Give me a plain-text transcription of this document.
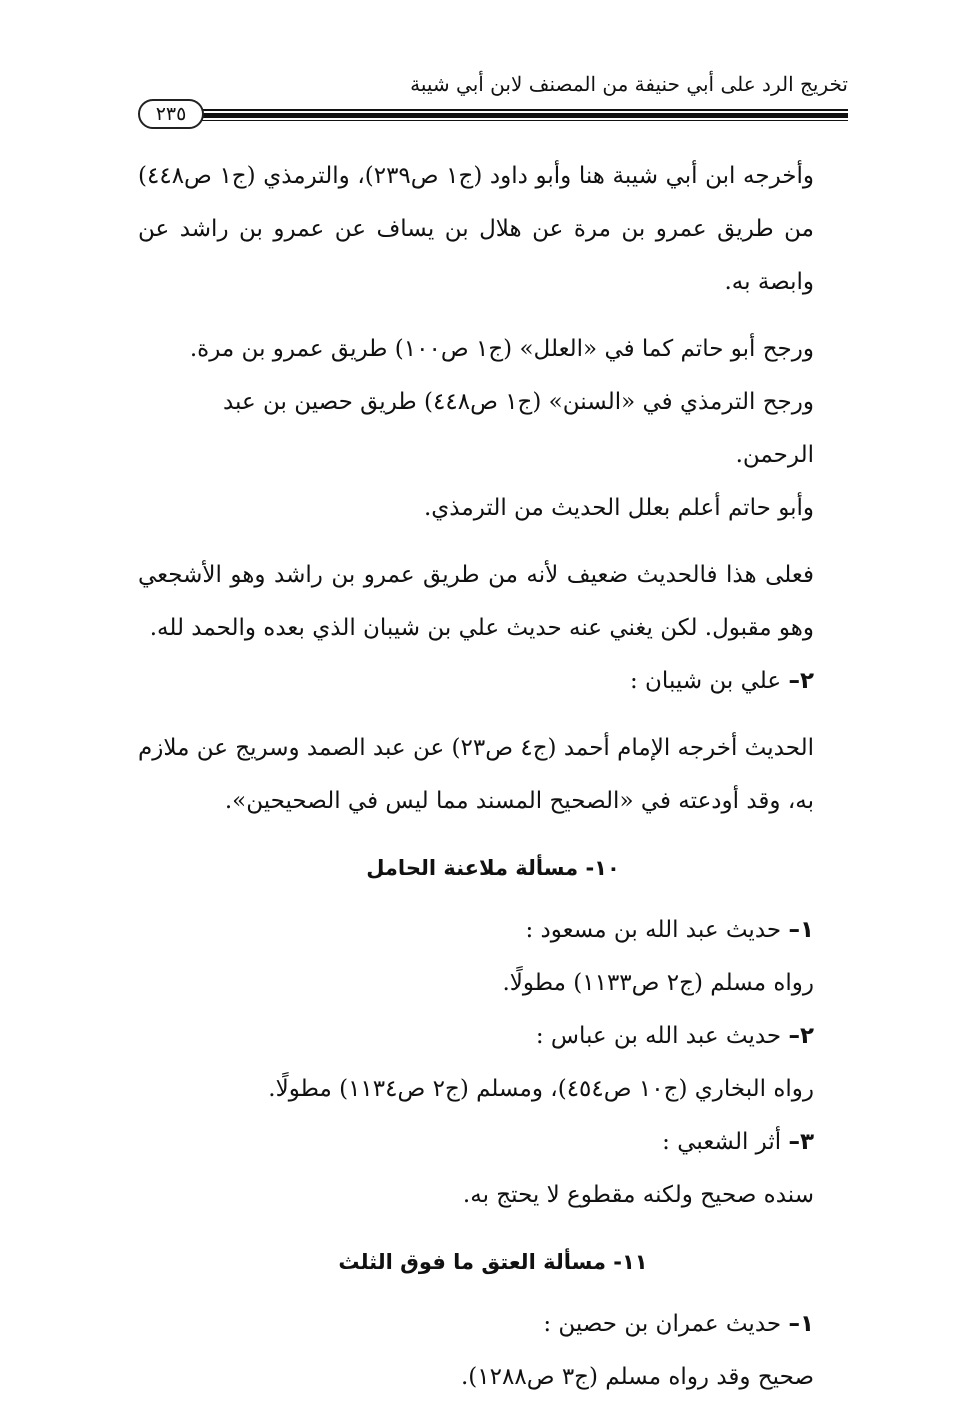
تخريج الرد على أبي حنيفة من المصنف لابن أبي شيبة
٢٣٥

وأخرجه ابن أبي شيبة هنا وأبو داود (ج١ ص٢٣٩)، والترمذي (ج١ ص٤٤٨) من طريق عمرو بن مرة عن هلال بن يساف عن عمرو بن راشد عن وابصة به.

ورجح أبو حاتم كما في «العلل» (ج١ ص١٠٠) طريق عمرو بن مرة.

ورجح الترمذي في «السنن» (ج١ ص٤٤٨) طريق حصين بن عبد الرحمن.

وأبو حاتم أعلم بعلل الحديث من الترمذي.

فعلى هذا فالحديث ضعيف لأنه من طريق عمرو بن راشد وهو الأشجعي وهو مقبول. لكن يغني عنه حديث علي بن شيبان الذي بعده والحمد لله.

٢– علي بن شيبان :

الحديث أخرجه الإمام أحمد (ج٤ ص٢٣) عن عبد الصمد وسريج عن ملازم به، وقد أودعته في «الصحيح المسند مما ليس في الصحيحين».

١٠- مسألة ملاعنة الحامل

١– حديث عبد الله بن مسعود :

رواه مسلم (ج٢ ص١١٣٣) مطولًا.

٢– حديث عبد الله بن عباس :

رواه البخاري (ج١٠ ص٤٥٤)، ومسلم (ج٢ ص١١٣٤) مطولًا.

٣– أثر الشعبي :

سنده صحيح ولكنه مقطوع لا يحتج به.

١١- مسألة العتق ما فوق الثلث

١– حديث عمران بن حصين :

صحيح وقد رواه مسلم (ج٣ ص١٢٨٨).
